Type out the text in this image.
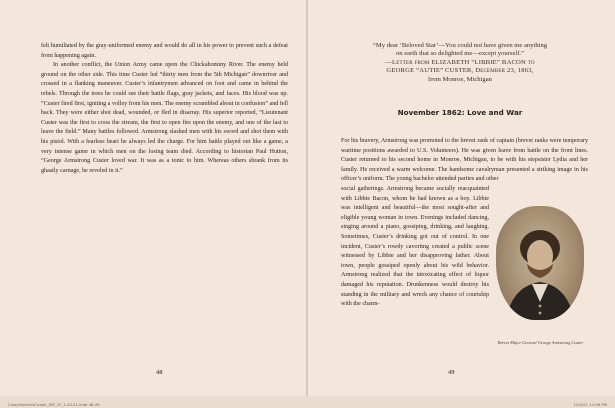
felt humiliated by the gray-uniformed enemy and would do all in his power to prevent such a defeat from happening again.

In another conflict, the Union Army came upon the Chickahominy River. The enemy held ground on the other side. This time Custer led “thirty men from the 5th Michigan” downriver and crossed in a flanking maneuver. Custer’s infantrymen advanced on foot and came in behind the rebels. Through the trees he could see their battle flags, gray jackets, and faces. His blood was up. “Custer fired first, igniting a volley from his men. The enemy scrambled about in confusion” and fell back. They were either shot dead, wounded, or fled in disarray. His superior reported, “Lieutenant Custer was the first to cross the stream, the first to open fire upon the enemy, and one of the last to leave the field.” Many battles followed. Armstrong slashed men with his sword and shot them with his pistol. With a fearless heart he always led the charge. For him battle played out like a game, a very intense game in which men on the losing team died. According to historian Paul Hutton, “George Armstrong Custer loved war. It was as a tonic to him. Whereas others shrank from its ghastly carnage, he reveled in it.”

48

For his bravery, Armstrong was promoted to the brevet rank of captain (brevet ranks were temporary wartime positions awarded to U.S. Volunteers). He was given leave from battle on the front lines. Custer returned to his second home in Monroe, Michigan, to be with his stepsister Lydia and her family. He received a warm welcome. The handsome cavalryman presented a striking image in his officer’s uniform. The young bachelor attended parties and other

social gatherings. Armstrong became socially reacquainted with Libbie Bacon, whom he had known as a boy. Libbie was intelligent and beautiful—the most sought-after and eligible young woman in town. Evenings included dancing, singing around a piano, gossiping, drinking, and laughing. Sometimes, Custer’s drinking got out of control. In one incident, Custer’s rowdy cavorting created a public scene witnessed by Libbie and her disapproving father. About town, people gossiped openly about his wild behavior. Armstrong realized that the intoxicating effect of liquor damaged his reputation. Drunkenness would destroy his standing in the military and wreck any chance of courtship with the charm-

49
“My dear ‘Beloved Star’—You could not have given me anything
on earth that so delighted me—except yourself.”
—Letter from ELIZABETH “LIBBIE” BACON to
GEORGE “AUTIE” CUSTER, December 23, 1863,
from Monroe, Michigan
November 1862: Love and War
Brevet Major General George Armstrong Custer
CrazyHorseVsCuster_INT_2F_1.20.21.indd 48-49	1/20/21 11:06 PM
